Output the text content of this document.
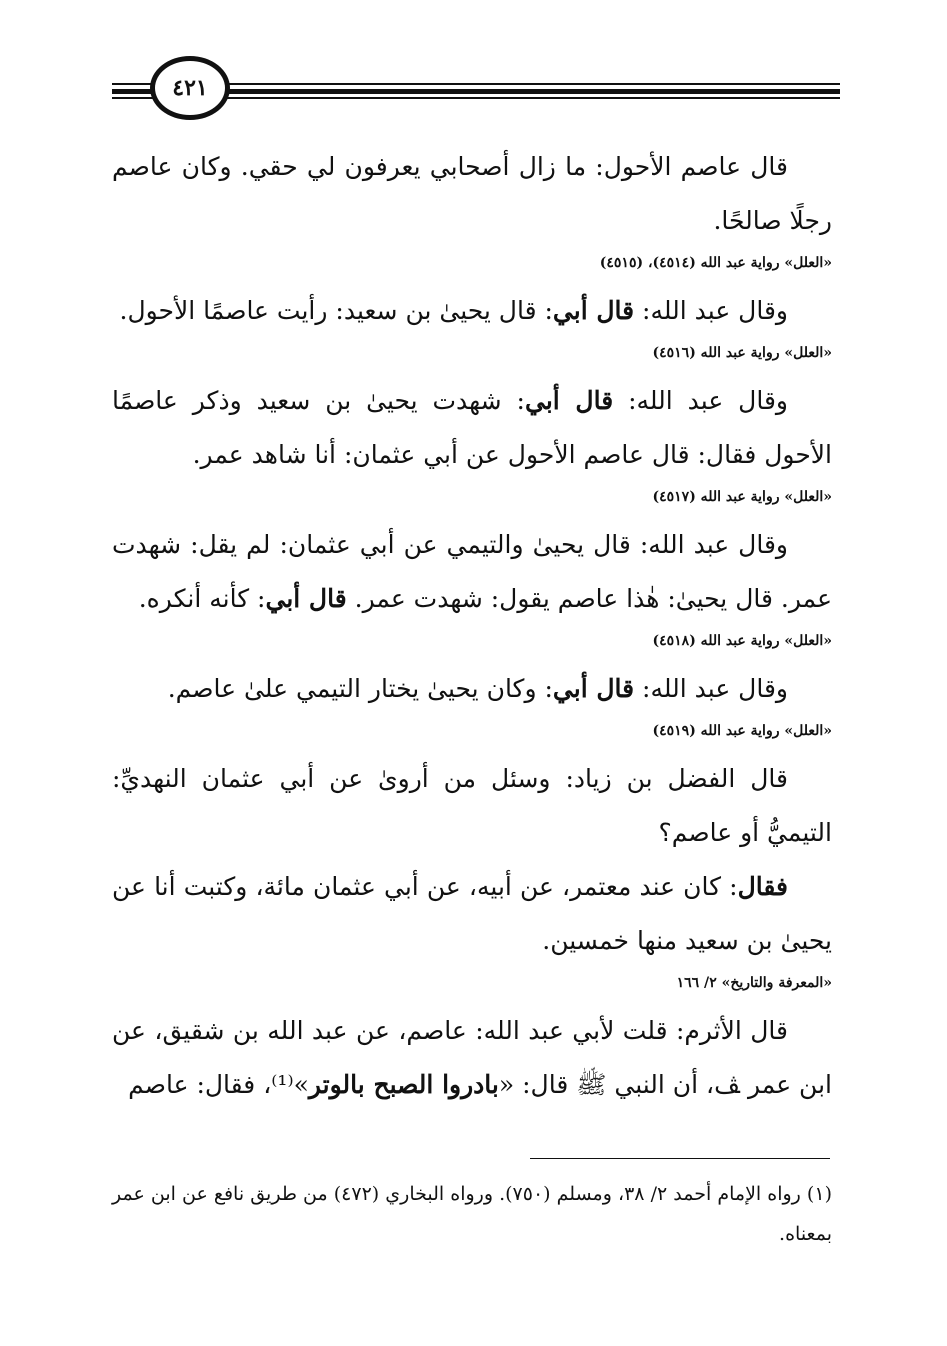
٤٢١

قال عاصم الأحول: ما زال أصحابي يعرفون لي حقي. وكان عاصم رجلًا صالحًا.

«العلل» رواية عبد الله (٤٥١٤)، (٤٥١٥)

وقال عبد الله: قال أبي: قال يحيىٰ بن سعيد: رأيت عاصمًا الأحول.

«العلل» رواية عبد الله (٤٥١٦)

وقال عبد الله: قال أبي: شهدت يحيىٰ بن سعيد وذكر عاصمًا الأحول فقال: قال عاصم الأحول عن أبي عثمان: أنا شاهد عمر.

«العلل» رواية عبد الله (٤٥١٧)

وقال عبد الله: قال يحيىٰ والتيمي عن أبي عثمان: لم يقل: شهدت عمر. قال يحيىٰ: هٰذا عاصم يقول: شهدت عمر. قال أبي: كأنه أنكره.

«العلل» رواية عبد الله (٤٥١٨)

وقال عبد الله: قال أبي: وكان يحيىٰ يختار التيمي علىٰ عاصم.

«العلل» رواية عبد الله (٤٥١٩)

قال الفضل بن زياد: وسئل من أروىٰ عن أبي عثمان النهديِّ: التيميُّ أو عاصم؟

فقال: كان عند معتمر، عن أبيه، عن أبي عثمان مائة، وكتبت أنا عن يحيىٰ بن سعيد منها خمسين.

«المعرفة والتاريخ» ٢/ ١٦٦

قال الأثرم: قلت لأبي عبد الله: عاصم، عن عبد الله بن شقيق، عن ابن عمر ﭫ، أن النبي ﷺ قال: «بادروا الصبح بالوتر»⁽¹⁾، فقال: عاصم

(١) رواه الإمام أحمد ٢/ ٣٨، ومسلم (٧٥٠). ورواه البخاري (٤٧٢) من طريق نافع عن ابن عمر بمعناه.
